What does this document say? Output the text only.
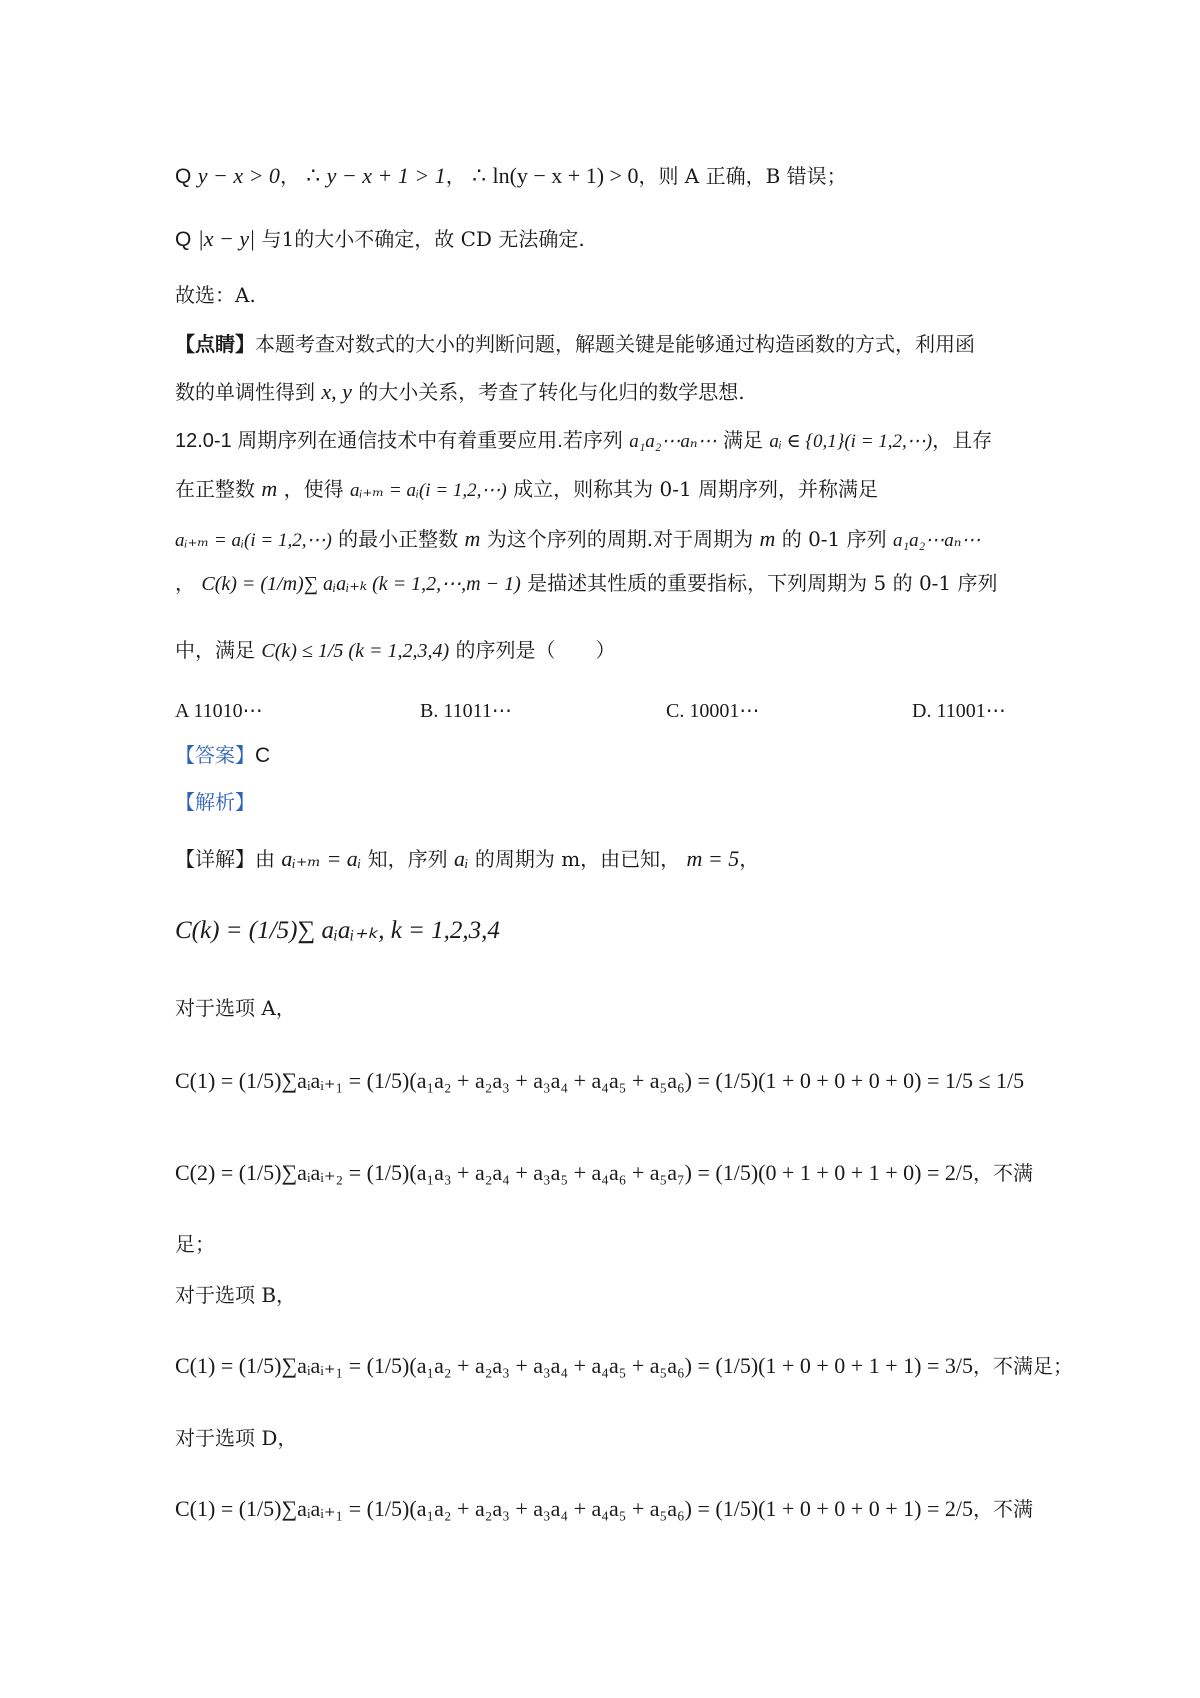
Q y − x > 0， ∴ y − x + 1 > 1， ∴ ln(y − x + 1) > 0，则 A 正确，B 错误；
Q |x − y| 与1的大小不确定，故 CD 无法确定.
故选：A.
【点睛】本题考查对数式的大小的判断问题，解题关键是能够通过构造函数的方式，利用函
数的单调性得到 x, y 的大小关系，考查了转化与化归的数学思想.
12.0-1 周期序列在通信技术中有着重要应用.若序列 a₁a₂⋯aₙ⋯ 满足 aᵢ ∈ {0,1}(i = 1,2,⋯)，且存
在正整数 m ，使得 aᵢ₊ₘ = aᵢ(i = 1,2,⋯) 成立，则称其为 0-1 周期序列，并称满足
aᵢ₊ₘ = aᵢ(i = 1,2,⋯) 的最小正整数 m 为这个序列的周期.对于周期为 m 的 0-1 序列 a₁a₂⋯aₙ⋯
， C(k) = (1/m)∑ aᵢaᵢ₊ₖ (k = 1,2,⋯,m − 1) 是描述其性质的重要指标，下列周期为 5 的 0-1 序列
中，满足 C(k) ≤ 1/5 (k = 1,2,3,4) 的序列是（　　）
A 11010⋯	B. 11011⋯	C. 10001⋯	D. 11001⋯
【答案】C
【解析】
【详解】由 aᵢ₊ₘ = aᵢ 知，序列 aᵢ 的周期为 m，由已知， m = 5，
C(k) = (1/5)∑ aᵢaᵢ₊ₖ, k = 1,2,3,4
对于选项 A，
C(1) = (1/5)∑aᵢaᵢ₊₁ = (1/5)(a₁a₂ + a₂a₃ + a₃a₄ + a₄a₅ + a₅a₆) = (1/5)(1 + 0 + 0 + 0 + 0) = 1/5 ≤ 1/5
C(2) = (1/5)∑aᵢaᵢ₊₂ = (1/5)(a₁a₃ + a₂a₄ + a₃a₅ + a₄a₆ + a₅a₇) = (1/5)(0 + 1 + 0 + 1 + 0) = 2/5，不满
足；
对于选项 B，
C(1) = (1/5)∑aᵢaᵢ₊₁ = (1/5)(a₁a₂ + a₂a₃ + a₃a₄ + a₄a₅ + a₅a₆) = (1/5)(1 + 0 + 0 + 1 + 1) = 3/5，不满足；
对于选项 D，
C(1) = (1/5)∑aᵢaᵢ₊₁ = (1/5)(a₁a₂ + a₂a₃ + a₃a₄ + a₄a₅ + a₅a₆) = (1/5)(1 + 0 + 0 + 0 + 1) = 2/5，不满
